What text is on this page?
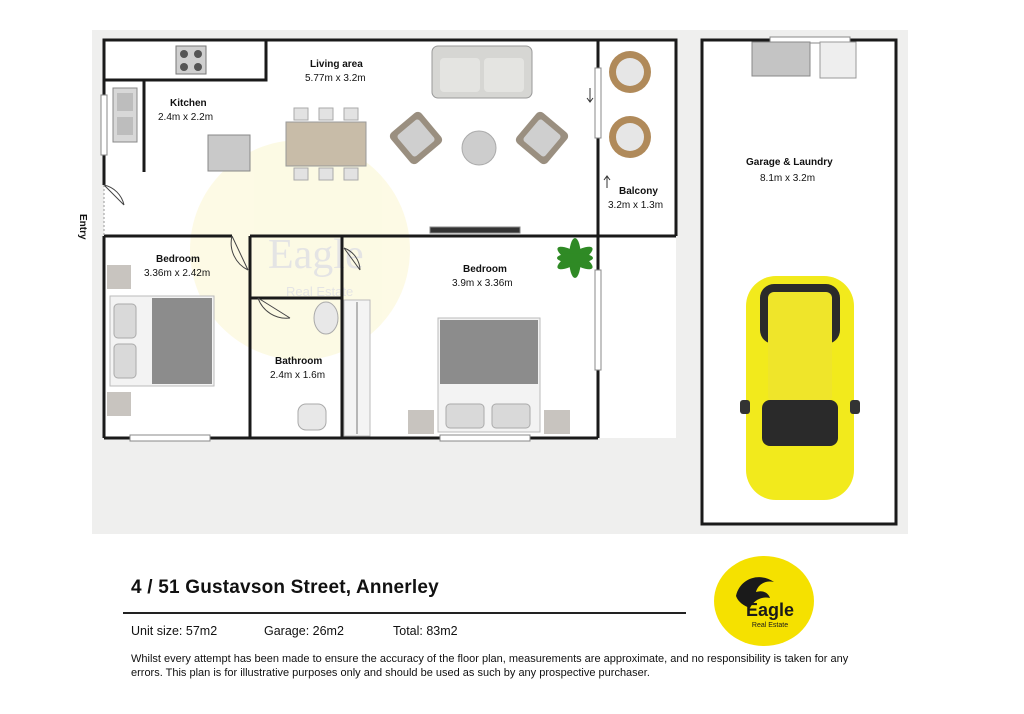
Eagle
Real Estate
Living area
5.77m x 3.2m
Kitchen
2.4m x 2.2m
Balcony
3.2m x 1.3m
Garage & Laundry
8.1m x 3.2m
Bedroom
3.36m x 2.42m	Bedroom
3.9m x 3.36m
Bathroom
2.4m x 1.6m
Entry
4 / 51 Gustavson Street, Annerley
Unit size: 57m2	Garage: 26m2	Total: 83m2
Whilst every attempt has been made to ensure the accuracy of the floor plan, measurements are approximate, and no responsibility is taken for any errors. This plan is for illustrative purposes only and should be used as such by any prospective purchaser.
Eagle
Real Estate
